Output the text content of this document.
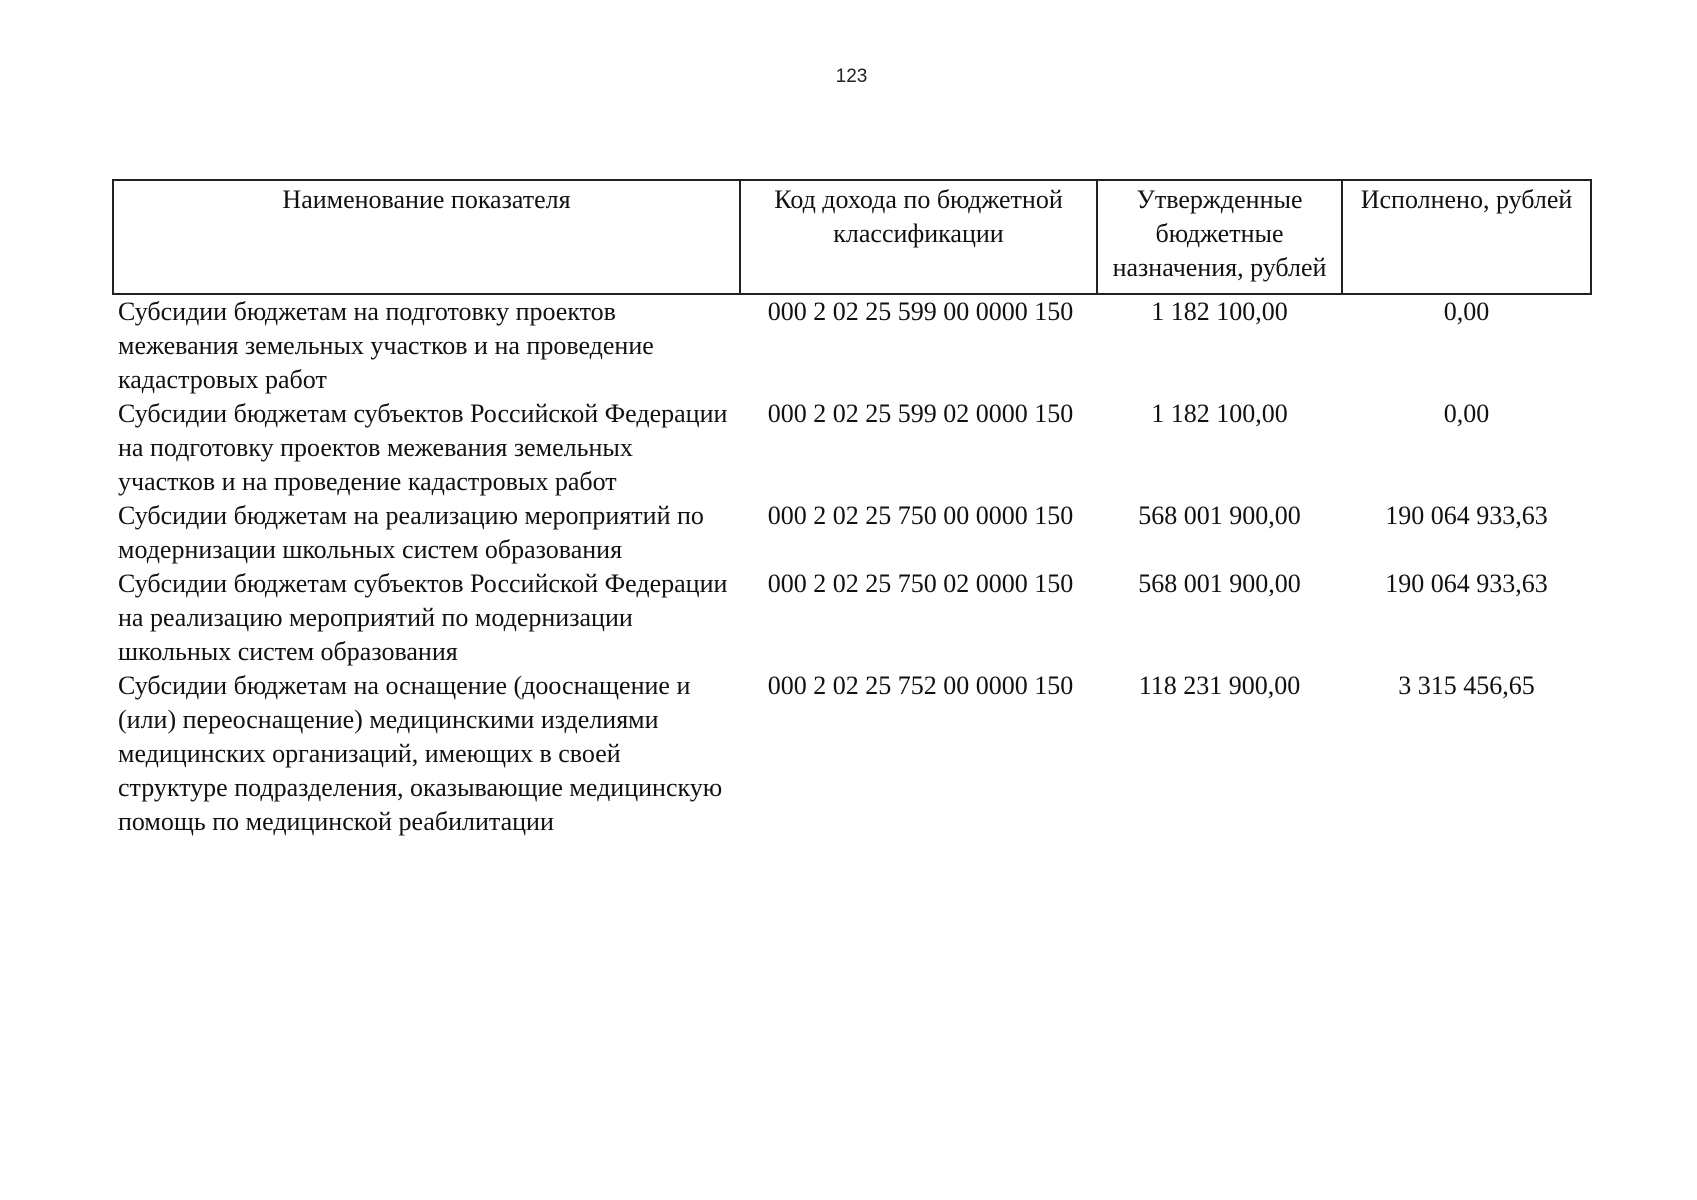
123
Наименование показателя	Код дохода по бюджетной классификации	Утвержденные бюджетные назначения, рублей	Исполнено, рублей
Субсидии бюджетам на подготовку проектов межевания земельных участков и на проведение кадастровых работ	000 2 02 25 599 00 0000 150	1 182 100,00	0,00
Субсидии бюджетам субъектов Российской Федерации на подготовку проектов межевания земельных участков и на проведение кадастровых работ	000 2 02 25 599 02 0000 150	1 182 100,00	0,00
Субсидии бюджетам на реализацию мероприятий по модернизации школьных систем образования	000 2 02 25 750 00 0000 150	568 001 900,00	190 064 933,63
Субсидии бюджетам субъектов Российской Федерации на реализацию мероприятий по модернизации школьных систем образования	000 2 02 25 750 02 0000 150	568 001 900,00	190 064 933,63
Субсидии бюджетам на оснащение (дооснащение и (или) переоснащение) медицинскими изделиями медицинских организаций, имеющих в своей структуре подразделения, оказывающие медицинскую помощь по медицинской реабилитации	000 2 02 25 752 00 0000 150	118 231 900,00	3 315 456,65
